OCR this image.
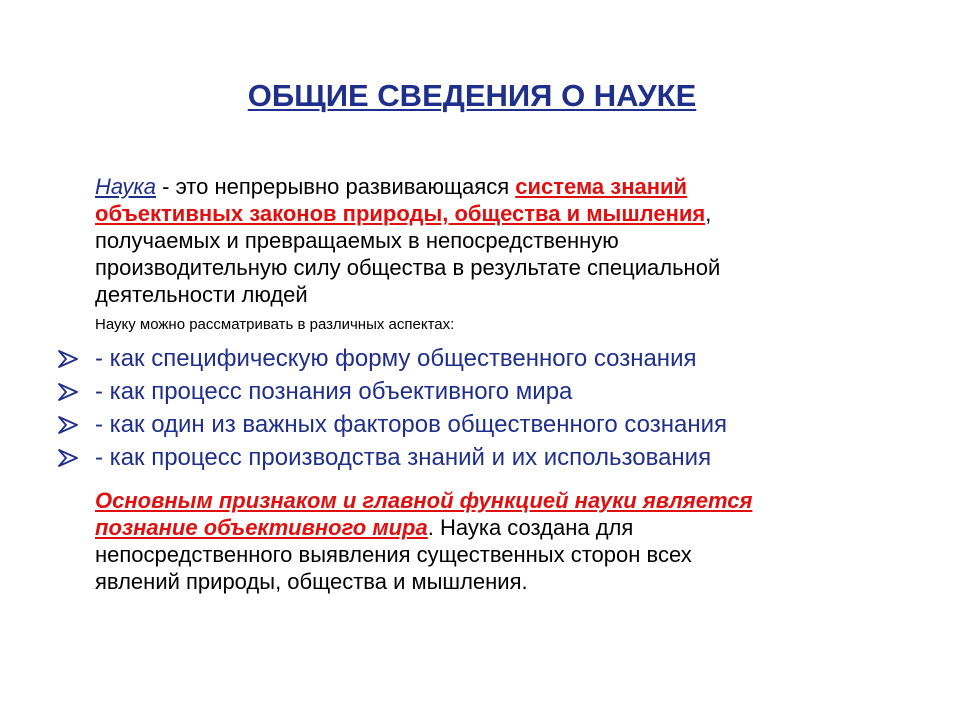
ОБЩИЕ СВЕДЕНИЯ О НАУКЕ
Наука - это непрерывно развивающаяся система знаний
объективных законов природы, общества и мышления,
получаемых и превращаемых в непосредственную
производительную силу общества в результате специальной
деятельности людей
Науку можно рассматривать в различных аспектах:
- как специфическую форму общественного сознания
- как процесс познания объективного мира
- как один из важных факторов общественного сознания
- как процесс производства знаний и их использования
Основным признаком и главной функцией науки является
познание объективного мира. Наука создана для
непосредственного выявления существенных сторон всех
явлений природы, общества и мышления.
